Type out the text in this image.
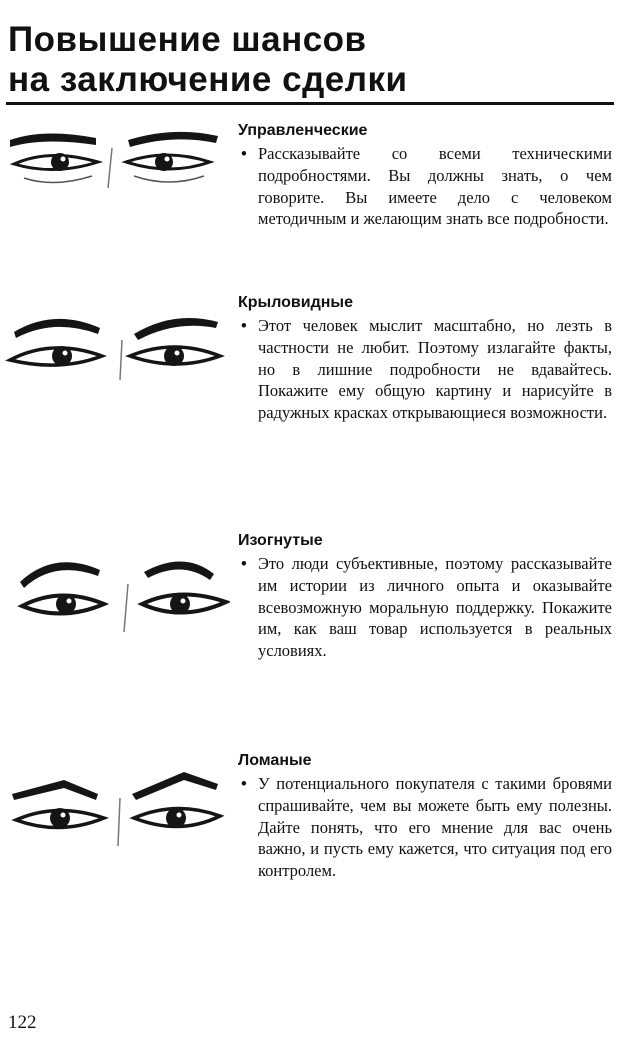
Повышение шансов
на заключение сделки
Управленческие

• Рассказывайте со всеми техническими подробностями. Вы должны знать, о чем говорите. Вы имеете дело с человеком методичным и желающим знать все подробности.

Крыловидные

• Этот человек мыслит масштабно, но лезть в частности не любит. Поэтому излагайте факты, но в лишние подробности не вдавайтесь. Покажите ему общую картину и нарисуйте в радужных красках открывающиеся возможности.

Изогнутые

• Это люди субъективные, поэтому рассказывайте им истории из личного опыта и оказывайте всевозможную моральную поддержку. Покажите им, как ваш товар используется в реальных условиях.

Ломаные

• У потенциального покупателя с такими бровями спрашивайте, чем вы можете быть ему полезны. Дайте понять, что его мнение для вас очень важно, и пусть ему кажется, что ситуация под его контролем.

122
